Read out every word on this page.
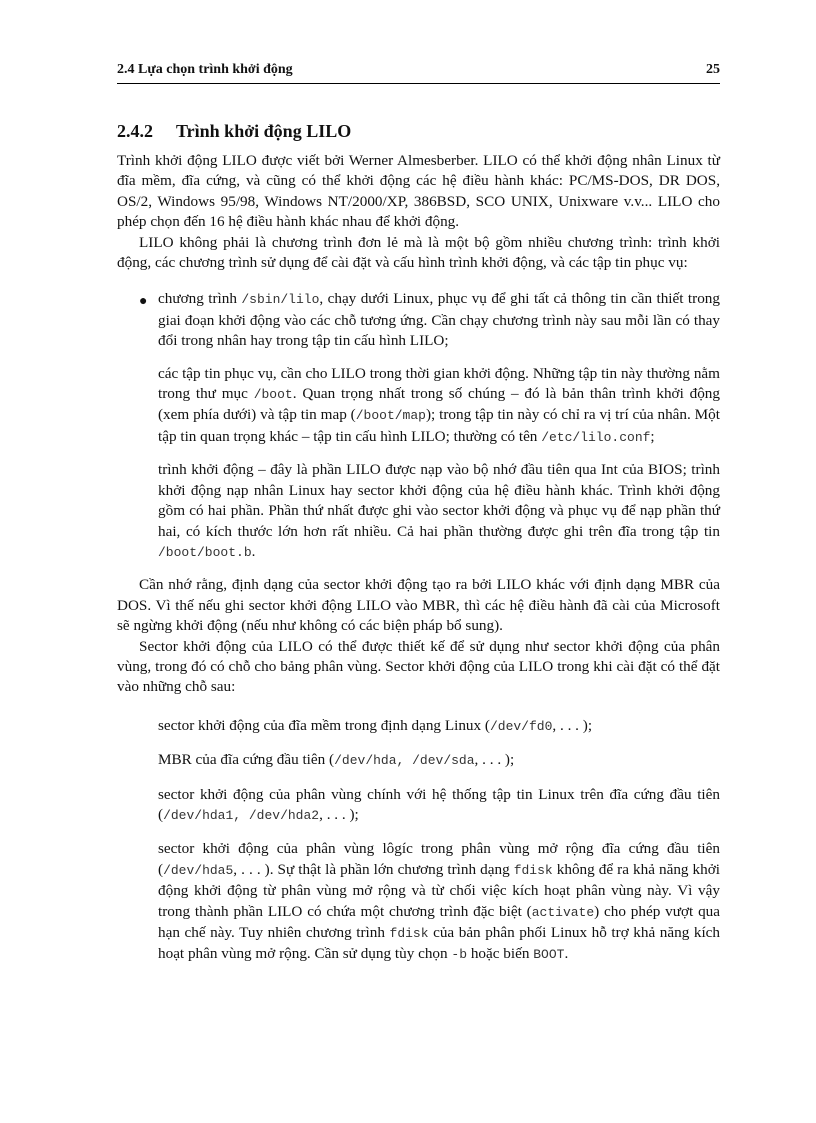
2.4 Lựa chọn trình khởi động	25
2.4.2 Trình khởi động LILO

Trình khởi động LILO được viết bởi Werner Almesberber. LILO có thể khởi động nhân Linux từ đĩa mềm, đĩa cứng, và cũng có thể khởi động các hệ điều hành khác: PC/MS-DOS, DR DOS, OS/2, Windows 95/98, Windows NT/2000/XP, 386BSD, SCO UNIX, Unixware v.v... LILO cho phép chọn đến 16 hệ điều hành khác nhau để khởi động.

LILO không phải là chương trình đơn lẻ mà là một bộ gồm nhiều chương trình: trình khởi động, các chương trình sử dụng để cài đặt và cấu hình trình khởi động, và các tập tin phục vụ:

● chương trình /sbin/lilo, chạy dưới Linux, phục vụ để ghi tất cả thông tin cần thiết trong giai đoạn khởi động vào các chỗ tương ứng. Cần chạy chương trình này sau mỗi lần có thay đổi trong nhân hay trong tập tin cấu hình LILO;
các tập tin phục vụ, cần cho LILO trong thời gian khởi động. Những tập tin này thường nằm trong thư mục /boot. Quan trọng nhất trong số chúng – đó là bản thân trình khởi động (xem phía dưới) và tập tin map (/boot/map); trong tập tin này có chỉ ra vị trí của nhân. Một tập tin quan trọng khác – tập tin cấu hình LILO; thường có tên /etc/lilo.conf;
trình khởi động – đây là phần LILO được nạp vào bộ nhớ đầu tiên qua Int của BIOS; trình khởi động nạp nhân Linux hay sector khởi động của hệ điều hành khác. Trình khởi động gồm có hai phần. Phần thứ nhất được ghi vào sector khởi động và phục vụ để nạp phần thứ hai, có kích thước lớn hơn rất nhiều. Cả hai phần thường được ghi trên đĩa trong tập tin /boot/boot.b.

Cần nhớ rằng, định dạng của sector khởi động tạo ra bởi LILO khác với định dạng MBR của DOS. Vì thế nếu ghi sector khởi động LILO vào MBR, thì các hệ điều hành đã cài của Microsoft sẽ ngừng khởi động (nếu như không có các biện pháp bổ sung).

Sector khởi động của LILO có thể được thiết kế để sử dụng như sector khởi động của phân vùng, trong đó có chỗ cho bảng phân vùng. Sector khởi động của LILO trong khi cài đặt có thể đặt vào những chỗ sau:

sector khởi động của đĩa mềm trong định dạng Linux (/dev/fd0, . . . );
MBR của đĩa cứng đầu tiên (/dev/hda, /dev/sda, . . . );
sector khởi động của phân vùng chính với hệ thống tập tin Linux trên đĩa cứng đầu tiên (/dev/hda1, /dev/hda2, . . . );
sector khởi động của phân vùng lôgíc trong phân vùng mở rộng đĩa cứng đầu tiên (/dev/hda5, . . . ). Sự thật là phần lớn chương trình dạng fdisk không để ra khả năng khởi động khởi động từ phân vùng mở rộng và từ chối việc kích hoạt phân vùng này. Vì vậy trong thành phần LILO có chứa một chương trình đặc biệt (activate) cho phép vượt qua hạn chế này. Tuy nhiên chương trình fdisk của bản phân phối Linux hỗ trợ khả năng kích hoạt phân vùng mở rộng. Cần sử dụng tùy chọn -b hoặc biến BOOT.
